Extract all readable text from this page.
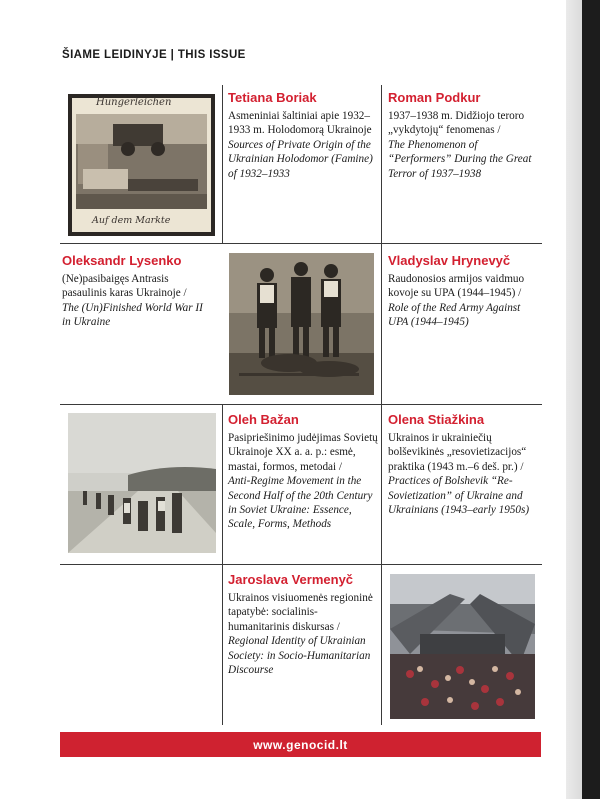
ŠIAME LEIDINYJE | THIS ISSUE
Hungerleichen
Auf dem Markte
Tetiana Boriak
Asmeniniai šaltiniai apie 1932–1933 m. Holodomorą Ukrainoje
Sources of Private Origin of the Ukrainian Holodomor (Famine) of 1932–1933
Roman Podkur
1937–1938 m. Didžiojo teroro „vykdytojų“ fenomenas /
The Phenomenon of “Performers” During the Great Terror of 1937–1938
Oleksandr Lysenko
(Ne)pasibaigęs Antrasis pasaulinis karas Ukrainoje /
The (Un)Finished World War II in Ukraine
Vladyslav Hrynevyč
Raudonosios armijos vaidmuo kovoje su UPA (1944–1945) /
Role of the Red Army Against UPA (1944–1945)
Oleh Bažan
Pasipriešinimo judėjimas Sovietų Ukrainoje XX a. a. p.: esmė, mastai, formos, metodai /
Anti-Regime Movement in the Second Half of the 20th Century in Soviet Ukraine: Essence, Scale, Forms, Methods
Olena Stiažkina
Ukrainos ir ukrainiečių bolševikinės „resovietizacijos“ praktika (1943 m.–6 deš. pr.) /
Practices of Bolshevik “Re-Sovietization” of Ukraine and Ukrainians (1943–early 1950s)
Jaroslava Vermenyč
Ukrainos visiuomenės regioninė tapatybė: socialinis-humanitarinis diskursas /
Regional Identity of Ukrainian Society: in Socio-Humanitarian Discourse
www.genocid.lt
